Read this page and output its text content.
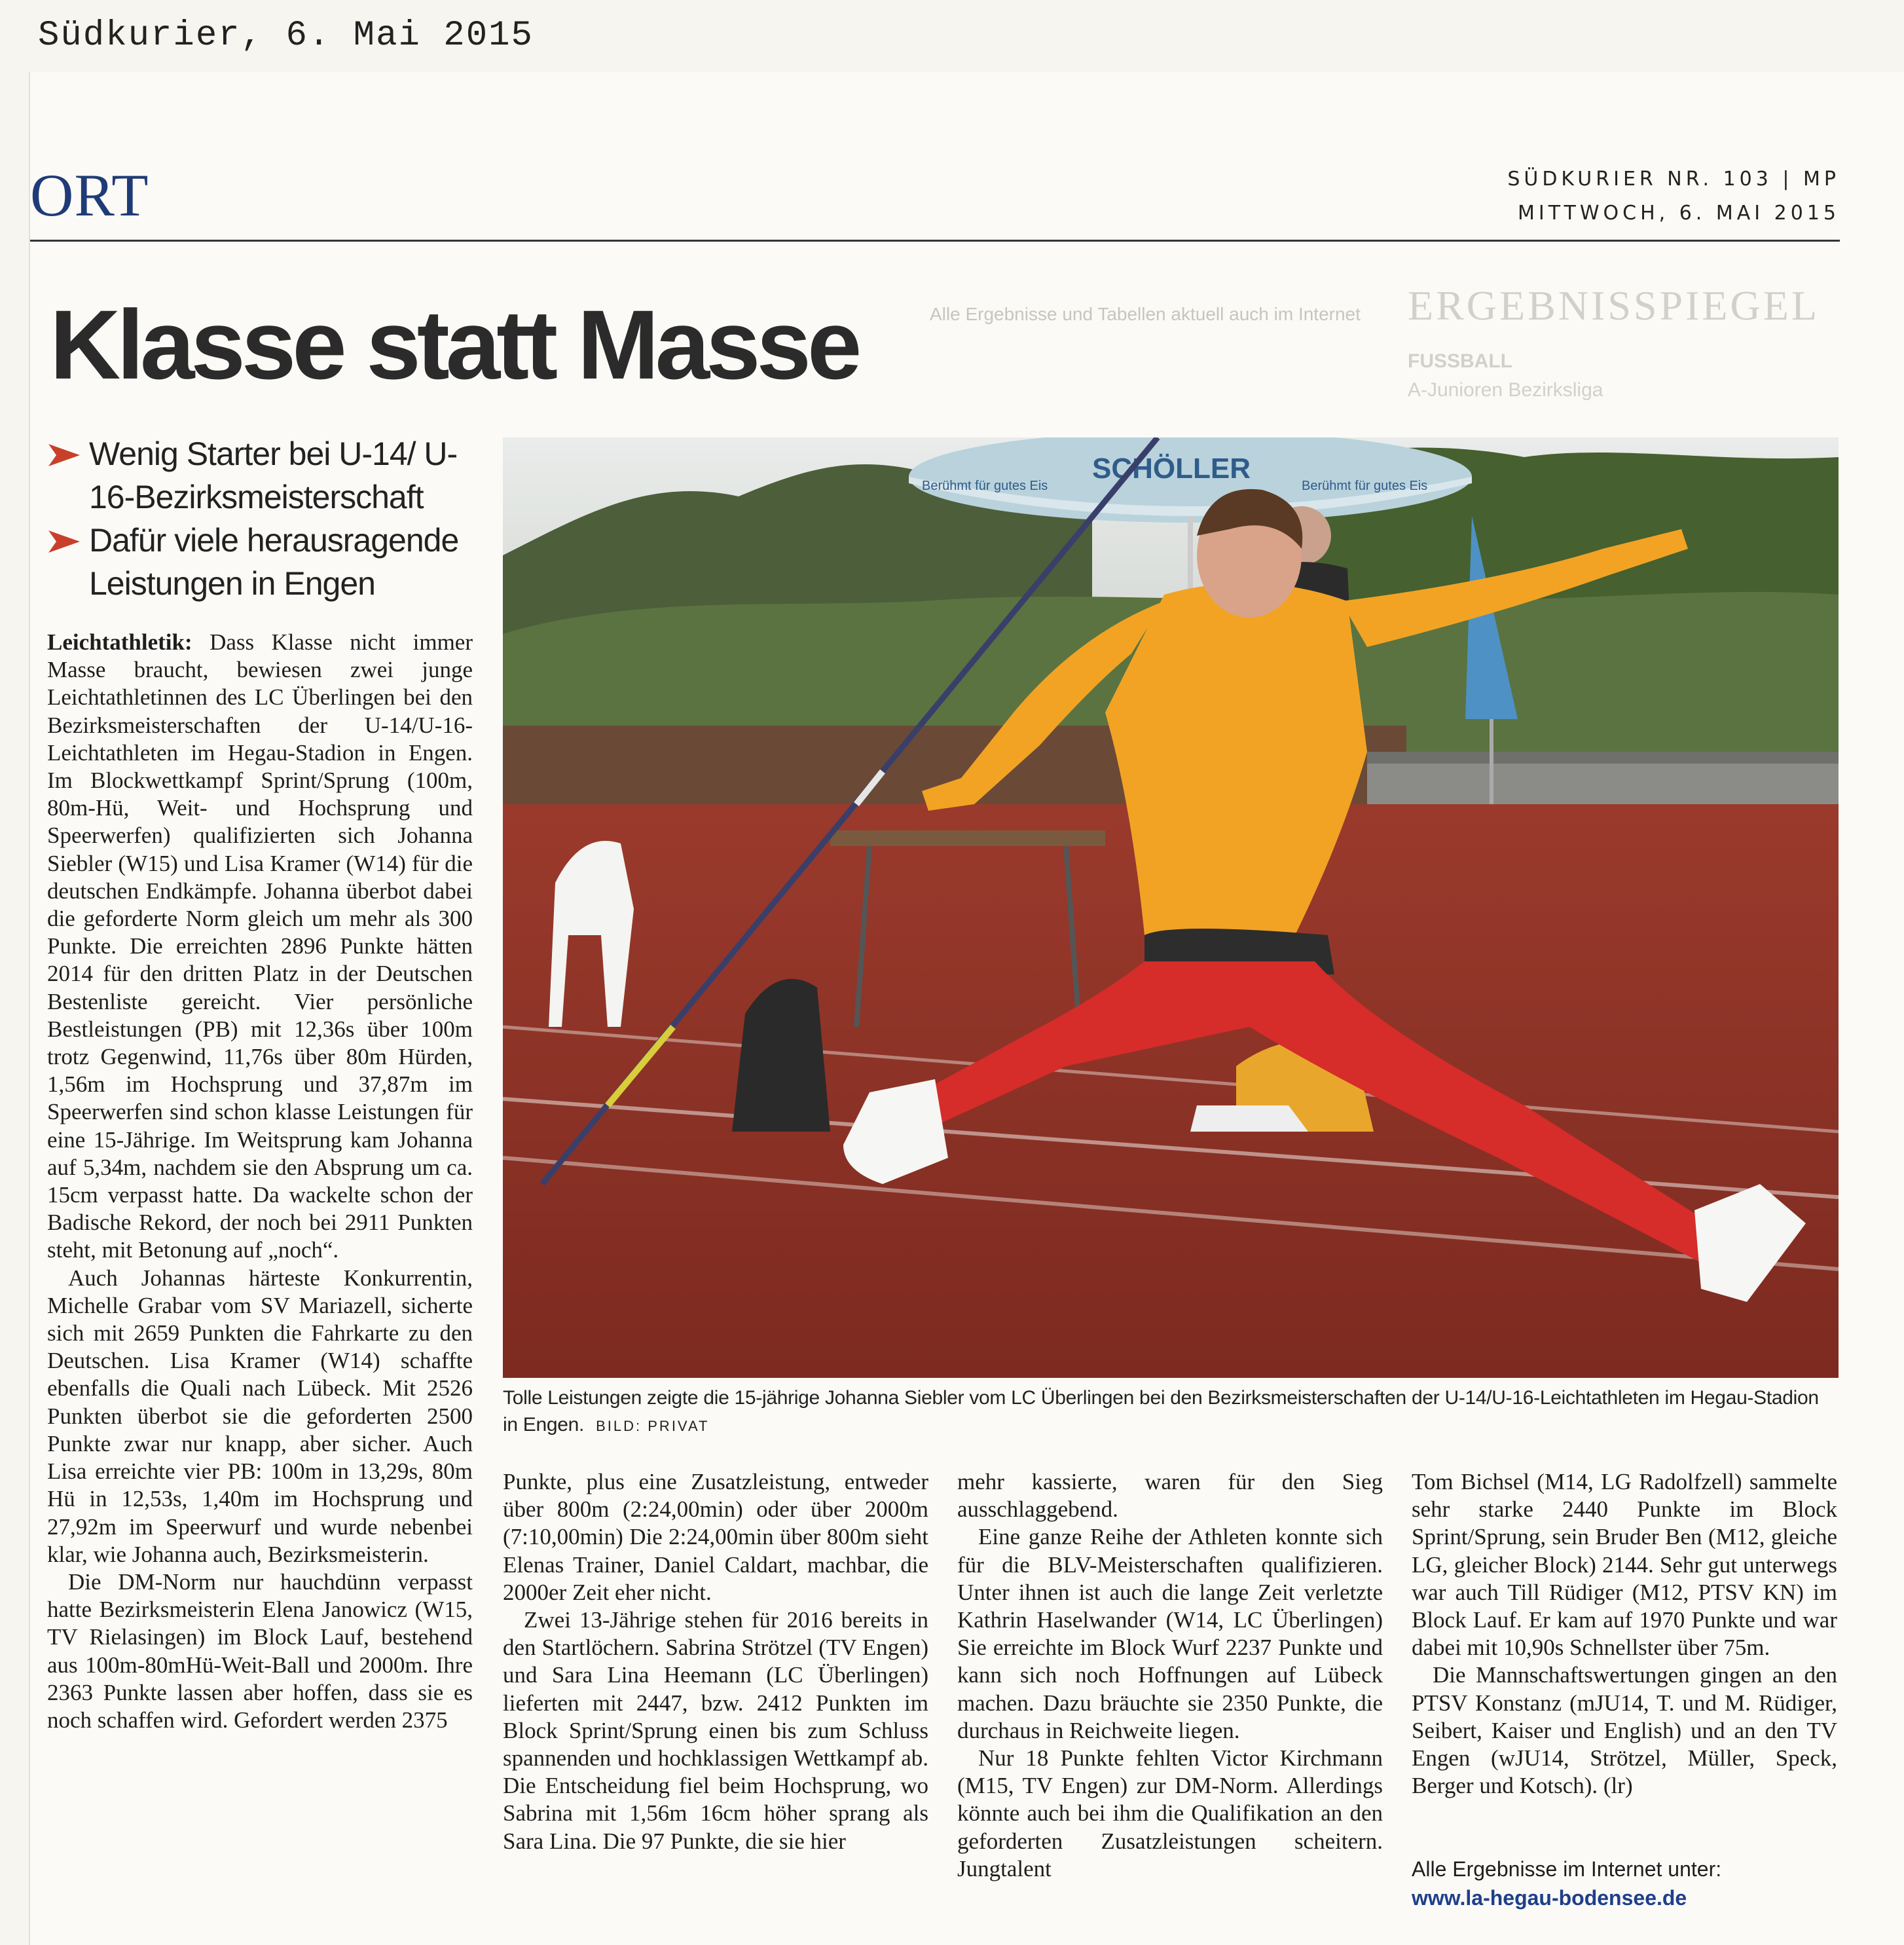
Südkurier, 6. Mai 2015
ORT	SÜDKURIER NR. 103 | MP
MITTWOCH, 6. MAI 2015
Alle Ergebnisse und Tabellen aktuell auch im Internet	ERGEBNISSPIEGEL
FUSSBALL
A-Junioren Bezirksliga
Klasse statt Masse
Wenig Starter bei U-14/ U-16-Bezirksmeisterschaft
Dafür viele herausragende Leistungen in Engen

Leichtathletik: Dass Klasse nicht immer Masse braucht, bewiesen zwei junge Leichtathletinnen des LC Überlingen bei den Bezirksmeisterschaften der U-14/U-16-Leichtathleten im Hegau-Stadion in Engen. Im Blockwettkampf Sprint/Sprung (100m, 80m-Hü, Weit- und Hochsprung und Speerwerfen) qualifizierten sich Johanna Siebler (W15) und Lisa Kramer (W14) für die deutschen Endkämpfe. Johanna überbot dabei die geforderte Norm gleich um mehr als 300 Punkte. Die erreichten 2896 Punkte hätten 2014 für den dritten Platz in der Deutschen Bestenliste gereicht. Vier persönliche Bestleistungen (PB) mit 12,36s über 100m trotz Gegenwind, 11,76s über 80m Hürden, 1,56m im Hochsprung und 37,87m im Speerwerfen sind schon klasse Leistungen für eine 15-Jährige. Im Weitsprung kam Johanna auf 5,34m, nachdem sie den Absprung um ca. 15cm verpasst hatte. Da wackelte schon der Badische Rekord, der noch bei 2911 Punkten steht, mit Betonung auf „noch“.

Auch Johannas härteste Konkurrentin, Michelle Grabar vom SV Mariazell, sicherte sich mit 2659 Punkten die Fahrkarte zu den Deutschen. Lisa Kramer (W14) schaffte ebenfalls die Quali nach Lübeck. Mit 2526 Punkten überbot sie die geforderten 2500 Punkte zwar nur knapp, aber sicher. Auch Lisa erreichte vier PB: 100m in 13,29s, 80m Hü in 12,53s, 1,40m im Hochsprung und 27,92m im Speerwurf und wurde nebenbei klar, wie Johanna auch, Bezirksmeisterin.

Die DM-Norm nur hauchdünn verpasst hatte Bezirksmeisterin Elena Janowicz (W15, TV Rielasingen) im Block Lauf, bestehend aus 100m-80mHü-Weit-Ball und 2000m. Ihre 2363 Punkte lassen aber hoffen, dass sie es noch schaffen wird. Gefordert werden 2375

SCHÖLLER
Berühmt für gutes Eis	Berühmt für gutes Eis
Tolle Leistungen zeigte die 15-jährige Johanna Siebler vom LC Überlingen bei den Bezirksmeisterschaften der U-14/U-16-Leichtathleten im Hegau-Stadion in Engen. BILD: PRIVAT

Punkte, plus eine Zusatzleistung, entweder über 800m (2:24,00min) oder über 2000m (7:10,00min) Die 2:24,00min über 800m sieht Elenas Trainer, Daniel Caldart, machbar, die 2000er Zeit eher nicht.

Zwei 13-Jährige stehen für 2016 bereits in den Startlöchern. Sabrina Strötzel (TV Engen) und Sara Lina Heemann (LC Überlingen) lieferten mit 2447, bzw. 2412 Punkten im Block Sprint/Sprung einen bis zum Schluss spannenden und hochklassigen Wettkampf ab. Die Entscheidung fiel beim Hochsprung, wo Sabrina mit 1,56m 16cm höher sprang als Sara Lina. Die 97 Punkte, die sie hier

mehr kassierte, waren für den Sieg ausschlaggebend.

Eine ganze Reihe der Athleten konnte sich für die BLV-Meisterschaften qualifizieren. Unter ihnen ist auch die lange Zeit verletzte Kathrin Haselwander (W14, LC Überlingen) Sie erreichte im Block Wurf 2237 Punkte und kann sich noch Hoffnungen auf Lübeck machen. Dazu bräuchte sie 2350 Punkte, die durchaus in Reichweite liegen.

Nur 18 Punkte fehlten Victor Kirchmann (M15, TV Engen) zur DM-Norm. Allerdings könnte auch bei ihm die Qualifikation an den geforderten Zusatzleistungen scheitern. Jungtalent

Tom Bichsel (M14, LG Radolfzell) sammelte sehr starke 2440 Punkte im Block Sprint/Sprung, sein Bruder Ben (M12, gleiche LG, gleicher Block) 2144. Sehr gut unterwegs war auch Till Rüdiger (M12, PTSV KN) im Block Lauf. Er kam auf 1970 Punkte und war dabei mit 10,90s Schnellster über 75m.

Die Mannschaftswertungen gingen an den PTSV Konstanz (mJU14, T. und M. Rüdiger, Seibert, Kaiser und English) und an den TV Engen (wJU14, Strötzel, Müller, Speck, Berger und Kotsch). (lr)

Alle Ergebnisse im Internet unter:
www.la-hegau-bodensee.de
